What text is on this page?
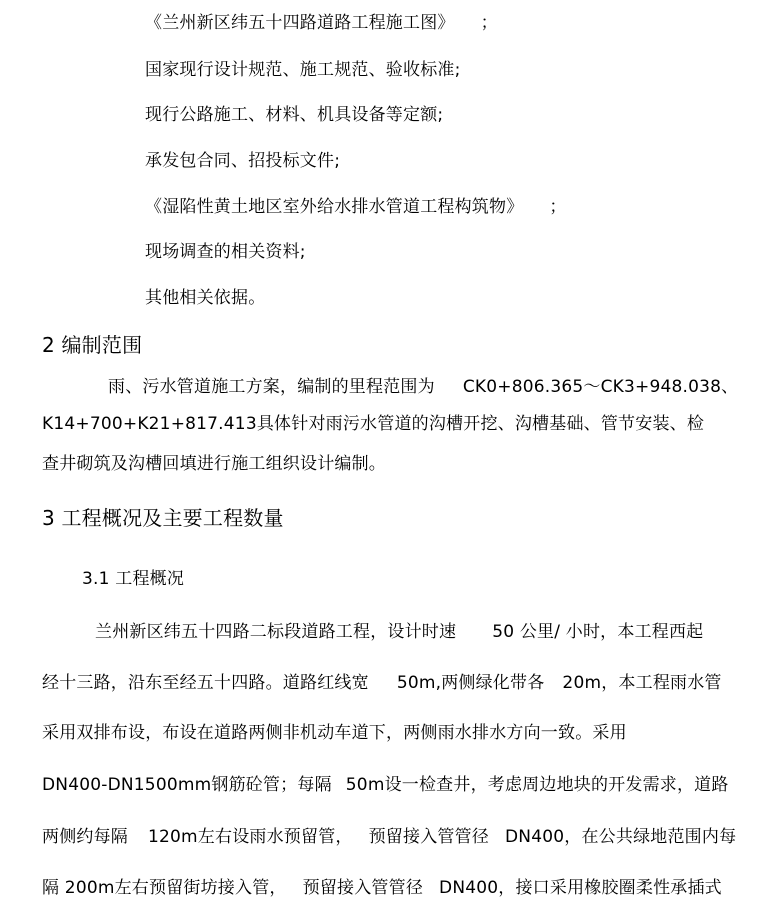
《兰州新区纬五十四路道路工程施工图》 ；
国家现行设计规范、施工规范、验收标准;
现行公路施工、材料、机具设备等定额;
承发包合同、招投标文件;
《湿陷性黄土地区室外给水排水管道工程构筑物》 ；
现场调查的相关资料;
其他相关依据。
2 编制范围
雨、污水管道施工方案，编制的里程范围为 CK0+806.365～CK3+948.038、
K14+700+K21+817.413具体针对雨污水管道的沟槽开挖、沟槽基础、管节安装、检
查井砌筑及沟槽回填进行施工组织设计编制。
3 工程概况及主要工程数量
3.1 工程概况
兰州新区纬五十四路二标段道路工程，设计时速 50 公里/ 小时，本工程西起
经十三路，沿东至经五十四路。道路红线宽 50m,两侧绿化带各 20m，本工程雨水管
采用双排布设，布设在道路两侧非机动车道下，两侧雨水排水方向一致。采用
DN400-DN1500mm钢筋砼管；每隔 50m设一检查井，考虑周边地块的开发需求，道路
两侧约每隔 120m左右设雨水预留管， 预留接入管管径 DN400，在公共绿地范围内每
隔 200m左右预留街坊接入管， 预留接入管管径 DN400，接口采用橡胶圈柔性承插式
